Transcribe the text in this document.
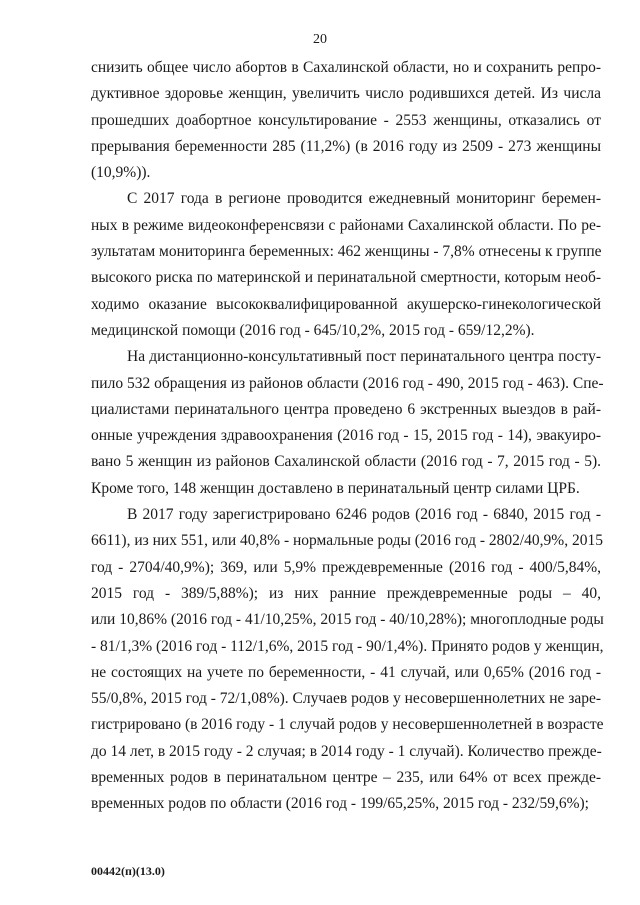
20
снизить общее число абортов в Сахалинской области, но и сохранить репро-
дуктивное здоровье женщин, увеличить число родившихся детей. Из числа
прошедших доабортное консультирование - 2553 женщины, отказались от
прерывания беременности 285 (11,2%) (в 2016 году из 2509 - 273 женщины
(10,9%)).
С 2017 года в регионе проводится ежедневный мониторинг беремен-
ных в режиме видеоконференсвязи с районами Сахалинской области. По ре-
зультатам мониторинга беременных: 462 женщины - 7,8% отнесены к группе
высокого риска по материнской и перинатальной смертности, которым необ-
ходимо оказание высококвалифицированной акушерско-гинекологической
медицинской помощи (2016 год - 645/10,2%, 2015 год - 659/12,2%).
На дистанционно-консультативный пост перинатального центра посту-
пило 532 обращения из районов области (2016 год - 490, 2015 год - 463). Спе-
циалистами перинатального центра проведено 6 экстренных выездов в рай-
онные учреждения здравоохранения (2016 год - 15, 2015 год - 14), эвакуиро-
вано 5 женщин из районов Сахалинской области (2016 год - 7, 2015 год - 5).
Кроме того, 148 женщин доставлено в перинатальный центр силами ЦРБ.
В 2017 году зарегистрировано 6246 родов (2016 год - 6840, 2015 год -
6611), из них 551, или 40,8% - нормальные роды (2016 год - 2802/40,9%, 2015
год - 2704/40,9%); 369, или 5,9% преждевременные (2016 год - 400/5,84%,
2015 год - 389/5,88%); из них ранние преждевременные роды – 40,
или 10,86% (2016 год - 41/10,25%, 2015 год - 40/10,28%); многоплодные роды
- 81/1,3% (2016 год - 112/1,6%, 2015 год - 90/1,4%). Принято родов у женщин,
не состоящих на учете по беременности, - 41 случай, или 0,65% (2016 год -
55/0,8%, 2015 год - 72/1,08%). Случаев родов у несовершеннолетних не заре-
гистрировано (в 2016 году - 1 случай родов у несовершеннолетней в возрасте
до 14 лет, в 2015 году - 2 случая; в 2014 году - 1 случай). Количество прежде-
временных родов в перинатальном центре – 235, или 64% от всех прежде-
временных родов по области (2016 год - 199/65,25%, 2015 год - 232/59,6%);
00442(п)(13.0)
